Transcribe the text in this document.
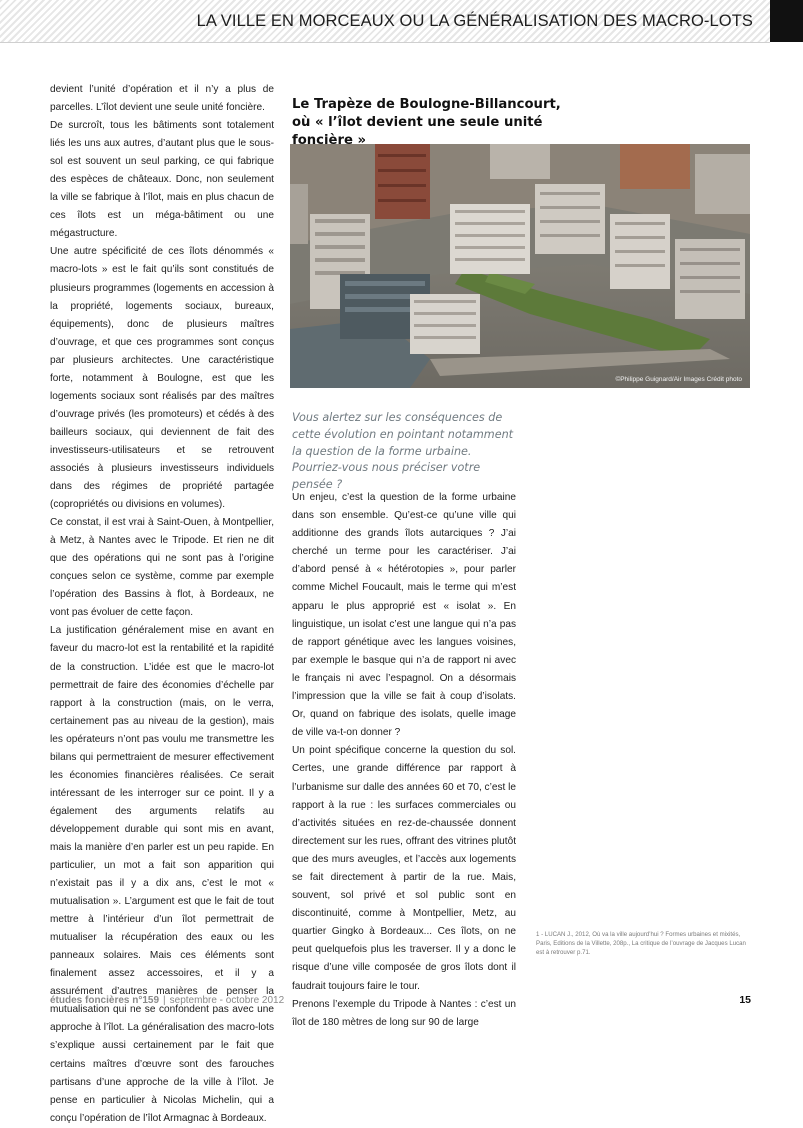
LA VILLE EN MORCEAUX OU LA GÉNÉRALISATION DES MACRO-LOTS

devient l’unité d’opération et il n’y a plus de parcelles. L’îlot devient une seule unité foncière.

De surcroît, tous les bâtiments sont totalement liés les uns aux autres, d’autant plus que le sous-sol est souvent un seul parking, ce qui fabrique des espèces de châteaux. Donc, non seulement la ville se fabrique à l’îlot, mais en plus chacun de ces îlots est un méga-bâtiment ou une mégastructure.

Une autre spécificité de ces îlots dénommés « macro-lots » est le fait qu’ils sont constitués de plusieurs programmes (logements en accession à la propriété, logements sociaux, bureaux, équipements), donc de plusieurs maîtres d’ouvrage, et que ces programmes sont conçus par plusieurs architectes. Une caractéristique forte, notamment à Boulogne, est que les logements sociaux sont réalisés par des maîtres d’ouvrage privés (les promoteurs) et cédés à des bailleurs sociaux, qui deviennent de fait des investisseurs-utilisateurs et se retrouvent associés à plusieurs investisseurs individuels dans des régimes de propriété partagée (copropriétés ou divisions en volumes).

Ce constat, il est vrai à Saint-Ouen, à Montpellier, à Metz, à Nantes avec le Tripode. Et rien ne dit que des opérations qui ne sont pas à l’origine conçues selon ce système, comme par exemple l’opération des Bassins à flot, à Bordeaux, ne vont pas évoluer de cette façon.

La justification généralement mise en avant en faveur du macro-lot est la rentabilité et la rapidité de la construction. L’idée est que le macro-lot permettrait de faire des économies d’échelle par rapport à la construction (mais, on le verra, certainement pas au niveau de la gestion), mais les opérateurs n’ont pas voulu me transmettre les bilans qui permettraient de mesurer effectivement les économies financières réalisées. Ce serait intéressant de les interroger sur ce point. Il y a également des arguments relatifs au développement durable qui sont mis en avant, mais la manière d’en parler est un peu rapide. En particulier, un mot a fait son apparition qui n’existait pas il y a dix ans, c’est le mot « mutualisation ». L’argument est que le fait de tout mettre à l’intérieur d’un îlot permettrait de mutualiser la récupération des eaux ou les panneaux solaires. Mais ces éléments sont finalement assez accessoires, et il y a assurément d’autres manières de penser la mutualisation qui ne se confondent pas avec une approche à l’îlot. La généralisation des macro-lots s’explique aussi certainement par le fait que certains maîtres d’œuvre sont des farouches partisans d’une approche de la ville à l’îlot. Je pense en particulier à Nicolas Michelin, qui a conçu l’opération de l’îlot Armagnac à Bordeaux.

©Philippe Guignard/Air Images Crédit photo

Le Trapèze de Boulogne-Billancourt, où « l’îlot devient une seule unité foncière »

Vous alertez sur les conséquences de cette évolution en pointant notamment la question de la forme urbaine. Pourriez-vous nous préciser votre pensée ?

Un enjeu, c’est la question de la forme urbaine dans son ensemble. Qu’est-ce qu’une ville qui additionne des grands îlots autarciques ? J’ai cherché un terme pour les caractériser. J’ai d’abord pensé à « hétérotopies », pour parler comme Michel Foucault, mais le terme qui m’est apparu le plus approprié est « isolat ». En linguistique, un isolat c’est une langue qui n’a pas de rapport génétique avec les langues voisines, par exemple le basque qui n’a de rapport ni avec le français ni avec l’espagnol. On a désormais l’impression que la ville se fait à coup d’isolats. Or, quand on fabrique des isolats, quelle image de ville va-t-on donner ?

Un point spécifique concerne la question du sol. Certes, une grande différence par rapport à l’urbanisme sur dalle des années 60 et 70, c’est le rapport à la rue : les surfaces commerciales ou d’activités situées en rez-de-chaussée donnent directement sur les rues, offrant des vitrines plutôt que des murs aveugles, et l’accès aux logements se fait directement à partir de la rue. Mais, souvent, sol privé et sol public sont en discontinuité, comme à Montpellier, Metz, au quartier Gingko à Bordeaux... Ces îlots, on ne peut quelquefois plus les traverser. Il y a donc le risque d’une ville composée de gros îlots dont il faudrait toujours faire le tour.

Prenons l’exemple du Tripode à Nantes : c’est un îlot de 180 mètres de long sur 90 de large

1 - LUCAN J., 2012, Où va la ville aujourd’hui ? Formes urbaines et mixités, Paris, Editions de la Villette, 208p., La critique de l’ouvrage de Jacques Lucan est à retrouver p.71.

études foncières n°159 | septembre - octobre 2012	15
